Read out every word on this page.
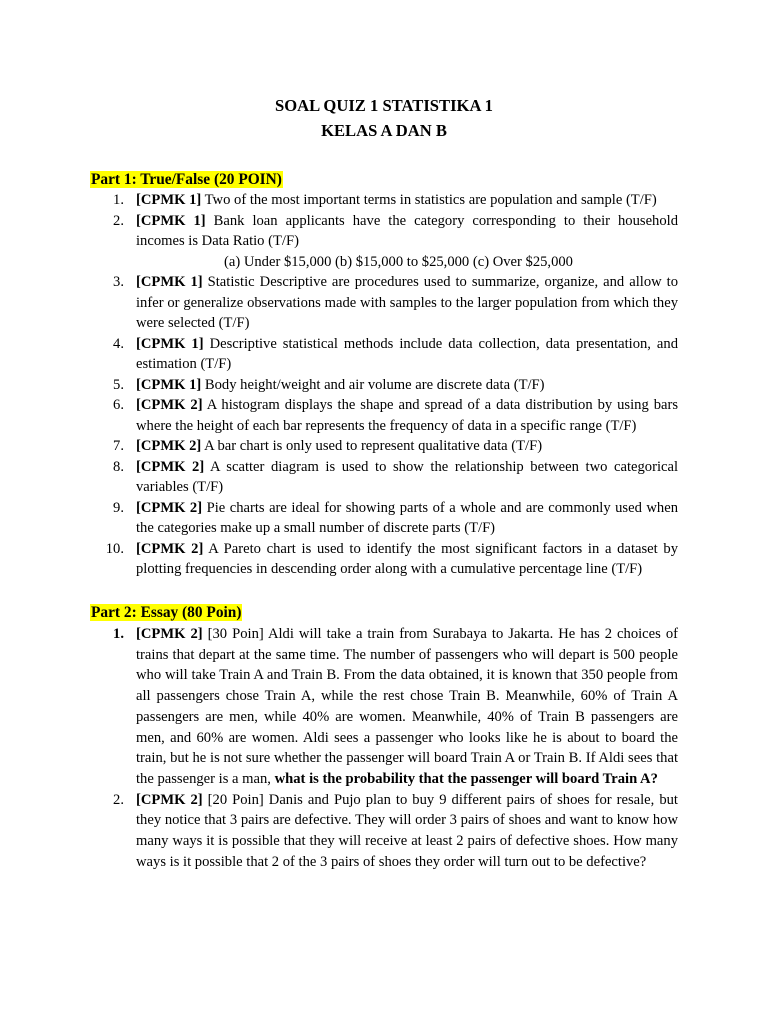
SOAL QUIZ 1 STATISTIKA 1
KELAS A DAN B
Part 1: True/False (20 POIN)
1. [CPMK 1] Two of the most important terms in statistics are population and sample (T/F)
2. [CPMK 1] Bank loan applicants have the category corresponding to their household incomes is Data Ratio (T/F)
(a) Under $15,000 (b) $15,000 to $25,000 (c) Over $25,000
3. [CPMK 1] Statistic Descriptive are procedures used to summarize, organize, and allow to infer or generalize observations made with samples to the larger population from which they were selected (T/F)
4. [CPMK 1] Descriptive statistical methods include data collection, data presentation, and estimation (T/F)
5. [CPMK 1] Body height/weight and air volume are discrete data (T/F)
6. [CPMK 2] A histogram displays the shape and spread of a data distribution by using bars where the height of each bar represents the frequency of data in a specific range (T/F)
7. [CPMK 2] A bar chart is only used to represent qualitative data (T/F)
8. [CPMK 2] A scatter diagram is used to show the relationship between two categorical variables (T/F)
9. [CPMK 2] Pie charts are ideal for showing parts of a whole and are commonly used when the categories make up a small number of discrete parts (T/F)
10. [CPMK 2] A Pareto chart is used to identify the most significant factors in a dataset by plotting frequencies in descending order along with a cumulative percentage line (T/F)
Part 2: Essay (80 Poin)
1. [CPMK 2] [30 Poin] Aldi will take a train from Surabaya to Jakarta. He has 2 choices of trains that depart at the same time. The number of passengers who will depart is 500 people who will take Train A and Train B. From the data obtained, it is known that 350 people from all passengers chose Train A, while the rest chose Train B. Meanwhile, 60% of Train A passengers are men, while 40% are women. Meanwhile, 40% of Train B passengers are men, and 60% are women. Aldi sees a passenger who looks like he is about to board the train, but he is not sure whether the passenger will board Train A or Train B. If Aldi sees that the passenger is a man, what is the probability that the passenger will board Train A?
2. [CPMK 2] [20 Poin] Danis and Pujo plan to buy 9 different pairs of shoes for resale, but they notice that 3 pairs are defective. They will order 3 pairs of shoes and want to know how many ways it is possible that they will receive at least 2 pairs of defective shoes. How many ways is it possible that 2 of the 3 pairs of shoes they order will turn out to be defective?
